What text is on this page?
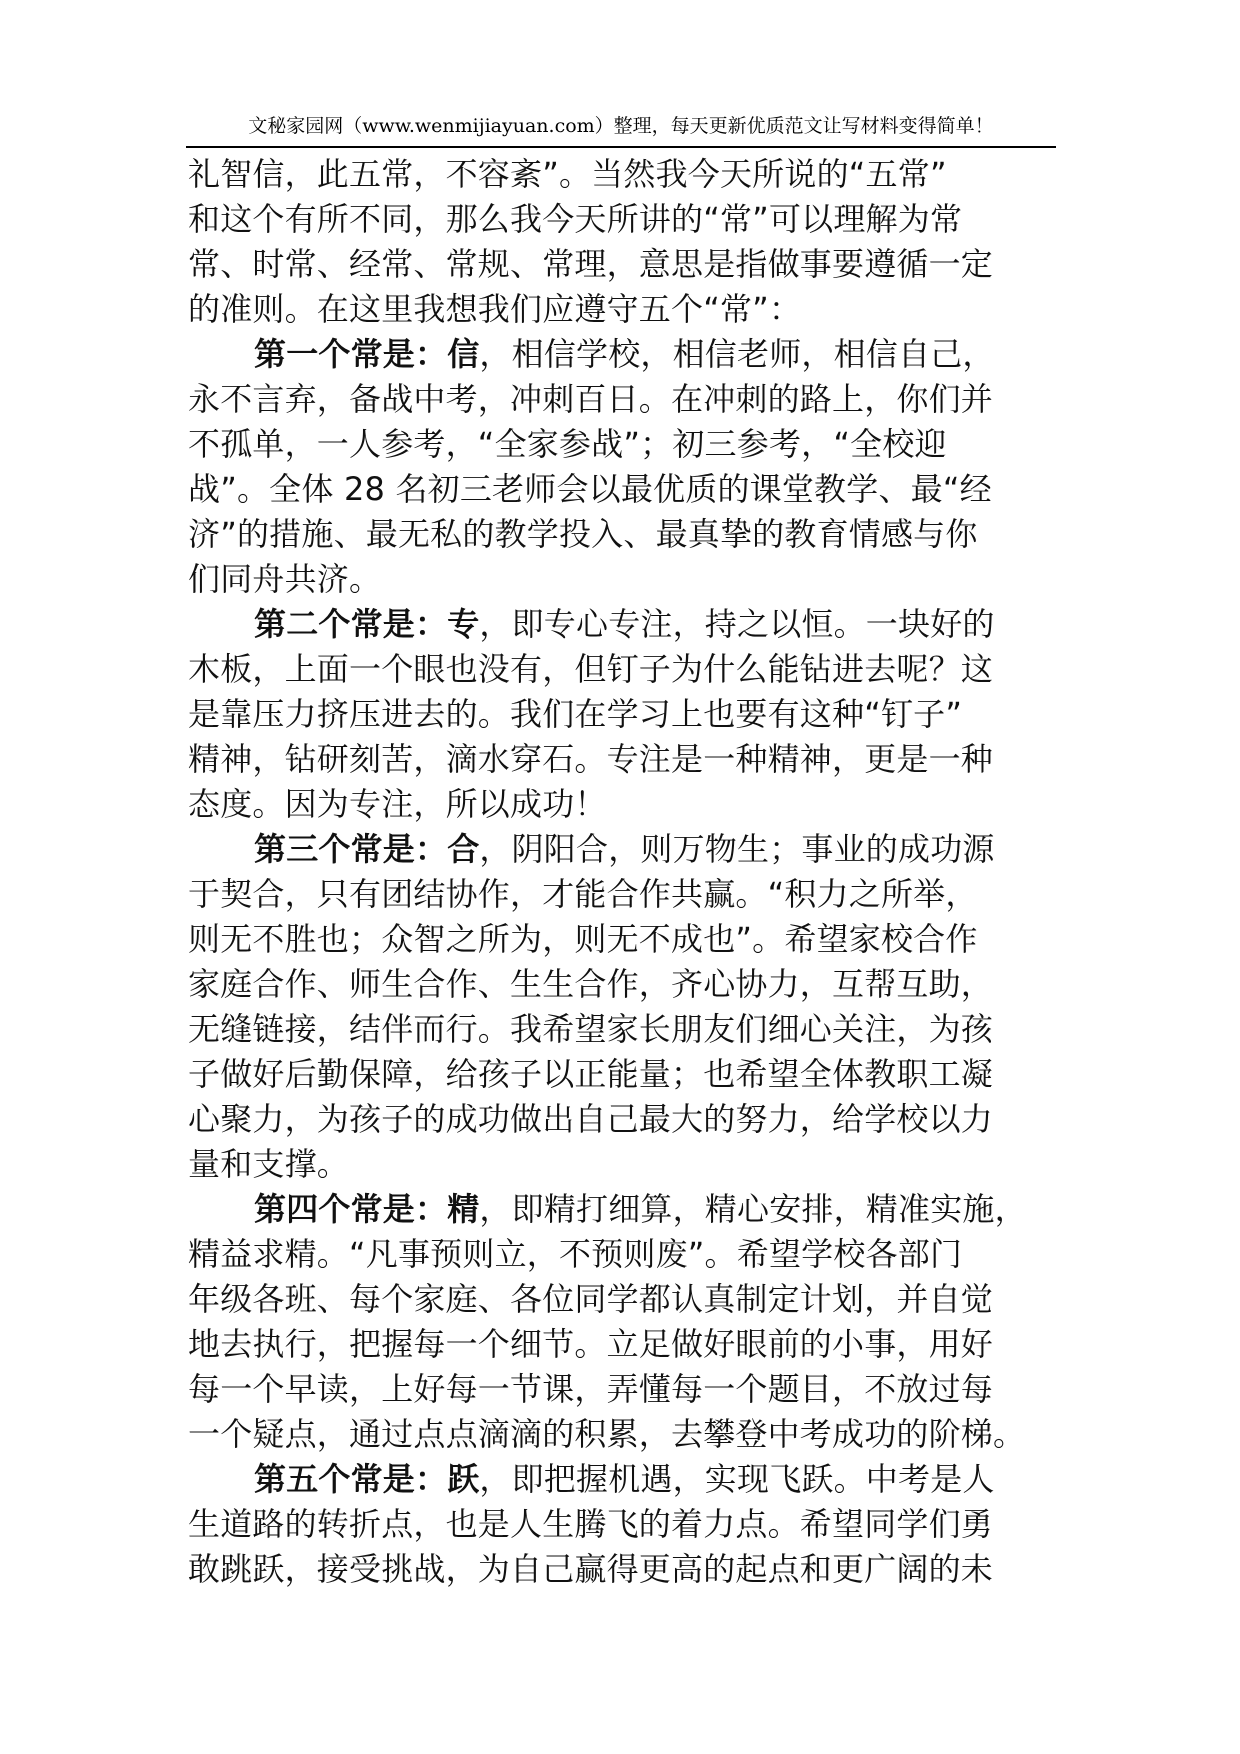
文秘家园网（www.wenmijiayuan.com）整理，每天更新优质范文让写材料变得简单！

礼智信，此五常，不容紊”。当然我今天所说的“五常”
和这个有所不同，那么我今天所讲的“常”可以理解为常
常、时常、经常、常规、常理，意思是指做事要遵循一定
的准则。在这里我想我们应遵守五个“常”：

第一个常是：信，相信学校，相信老师，相信自己，
永不言弃，备战中考，冲刺百日。在冲刺的路上，你们并
不孤单，一人参考，“全家参战”；初三参考，“全校迎
战”。全体 28 名初三老师会以最优质的课堂教学、最“经
济”的措施、最无私的教学投入、最真挚的教育情感与你
们同舟共济。

第二个常是：专，即专心专注，持之以恒。一块好的
木板，上面一个眼也没有，但钉子为什么能钻进去呢？这
是靠压力挤压进去的。我们在学习上也要有这种“钉子”
精神，钻研刻苦，滴水穿石。专注是一种精神，更是一种
态度。因为专注，所以成功！

第三个常是：合，阴阳合，则万物生；事业的成功源
于契合，只有团结协作，才能合作共赢。“积力之所举，
则无不胜也；众智之所为，则无不成也”。希望家校合作
家庭合作、师生合作、生生合作，齐心协力，互帮互助，
无缝链接，结伴而行。我希望家长朋友们细心关注，为孩
子做好后勤保障，给孩子以正能量；也希望全体教职工凝
心聚力，为孩子的成功做出自己最大的努力，给学校以力
量和支撑。

第四个常是：精，即精打细算，精心安排，精准实施，
精益求精。“凡事预则立，不预则废”。希望学校各部门
年级各班、每个家庭、各位同学都认真制定计划，并自觉
地去执行，把握每一个细节。立足做好眼前的小事，用好
每一个早读，上好每一节课，弄懂每一个题目，不放过每
一个疑点，通过点点滴滴的积累，去攀登中考成功的阶梯。

第五个常是：跃，即把握机遇，实现飞跃。中考是人
生道路的转折点，也是人生腾飞的着力点。希望同学们勇
敢跳跃，接受挑战，为自己赢得更高的起点和更广阔的未
